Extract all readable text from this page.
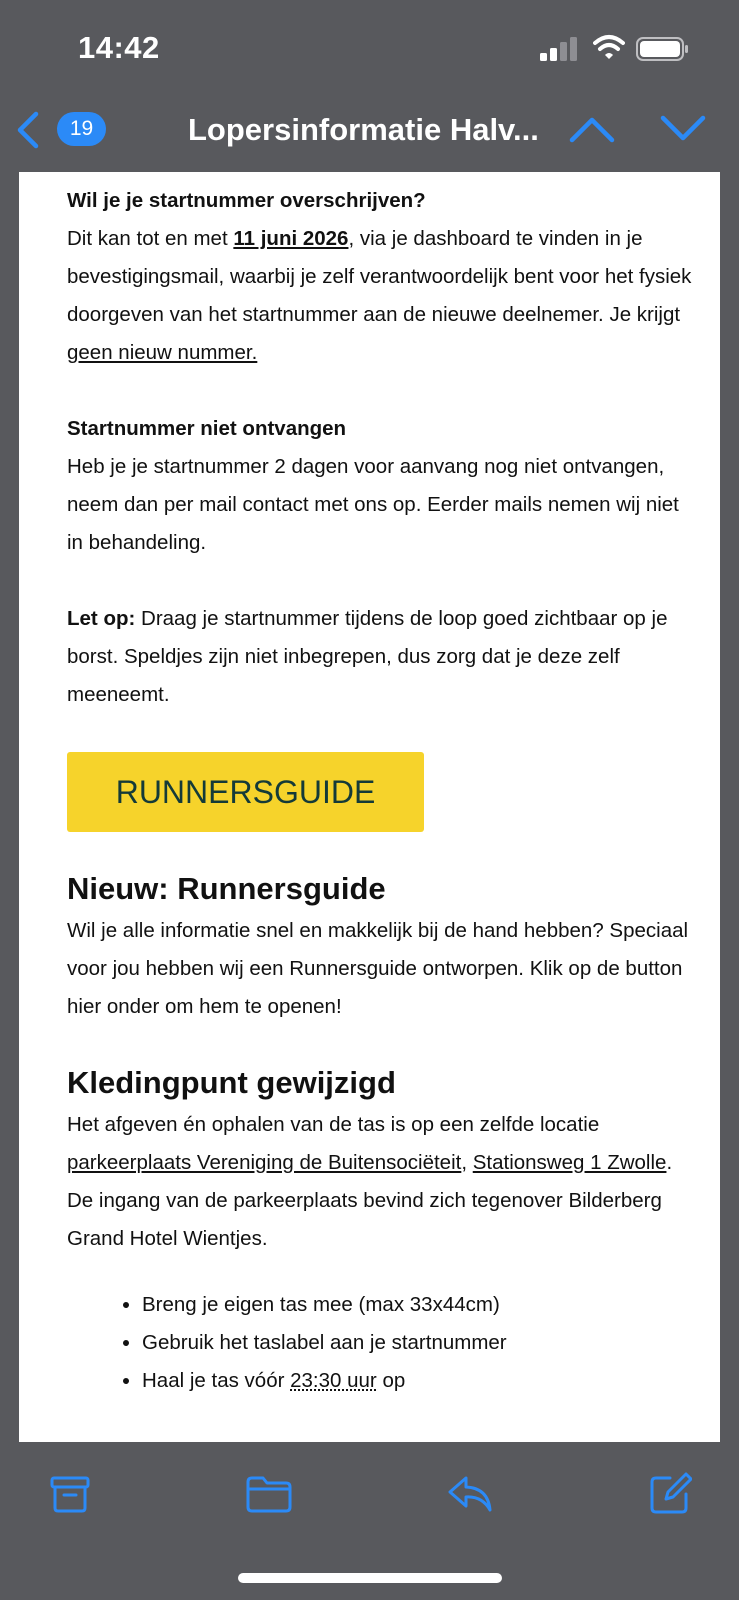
14:42
19	Lopersinformatie Halv...

Wil je je startnummer overschrijven?
Dit kan tot en met 11 juni 2026, via je dashboard te vinden in je bevestigingsmail, waarbij je zelf verantwoordelijk bent voor het fysiek doorgeven van het startnummer aan de nieuwe deelnemer. Je krijgt geen nieuw nummer.

Startnummer niet ontvangen
Heb je je startnummer 2 dagen voor aanvang nog niet ontvangen, neem dan per mail contact met ons op. Eerder mails nemen wij niet in behandeling.

Let op: Draag je startnummer tijdens de loop goed zichtbaar op je borst. Speldjes zijn niet inbegrepen, dus zorg dat je deze zelf meeneemt.

RUNNERSGUIDE
Nieuw: Runnersguide

Wil je alle informatie snel en makkelijk bij de hand hebben? Speciaal voor jou hebben wij een Runnersguide ontworpen. Klik op de button hier onder om hem te openen!

Kledingpunt gewijzigd

Het afgeven én ophalen van de tas is op een zelfde locatie parkeerplaats Vereniging de Buitensociëteit, Stationsweg 1 Zwolle. De ingang van de parkeerplaats bevind zich tegenover Bilderberg Grand Hotel Wientjes.

• Breng je eigen tas mee (max 33x44cm)
• Gebruik het taslabel aan je startnummer
• Haal je tas vóór 23:30 uur op
